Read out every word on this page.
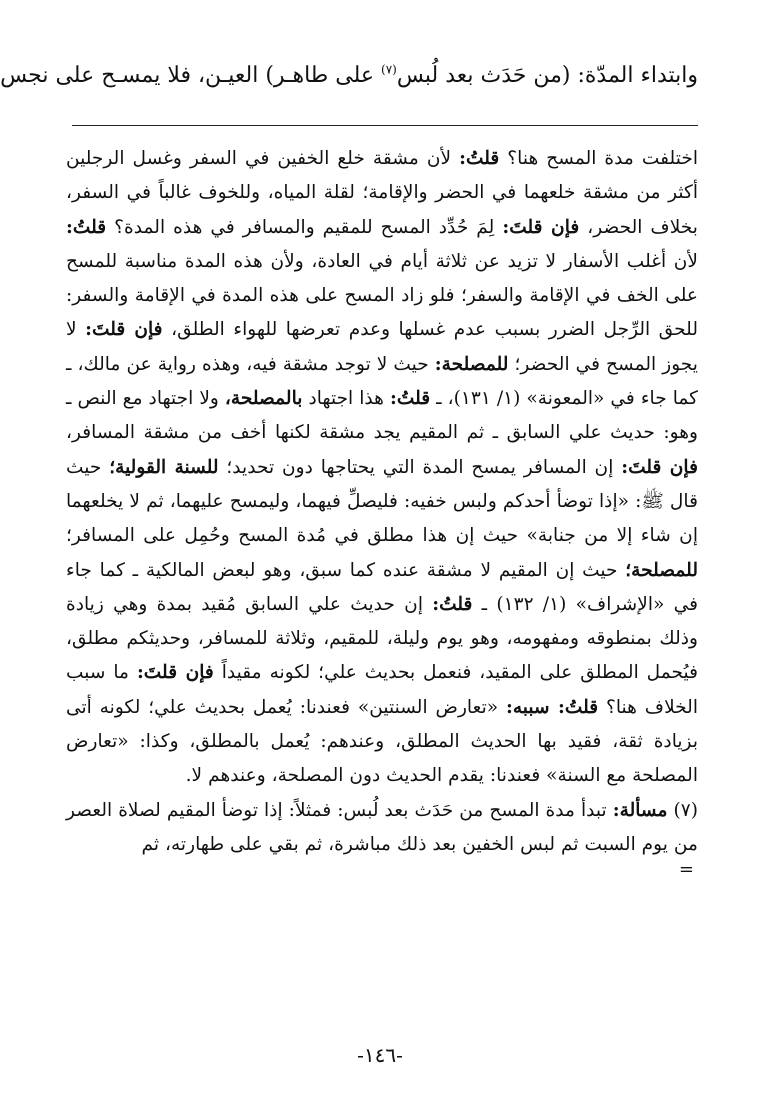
وابتداء المدّة: (من حَدَث بعد لُبس$^{(٧)}$ على طاهـر) العيـن، فلا يمسـح على نجس

اختلفت مدة المسح هنا؟ قلتُ: لأن مشقة خلع الخفين في السفر وغسل الرجلين أكثر من مشقة خلعهما في الحضر والإقامة؛ لقلة المياه، وللخوف غالباً في السفر، بخلاف الحضر، فإن قلتَ: لِمَ حُدِّد المسح للمقيم والمسافر في هذه المدة؟ قلتُ: لأن أغلب الأسفار لا تزيد عن ثلاثة أيام في العادة، ولأن هذه المدة مناسبة للمسح على الخف في الإقامة والسفر؛ فلو زاد المسح على هذه المدة في الإقامة والسفر: للحق الرِّجل الضرر بسبب عدم غسلها وعدم تعرضها للهواء الطلق، فإن قلتَ: لا يجوز المسح في الحضر؛ للمصلحة: حيث لا توجد مشقة فيه، وهذه رواية عن مالك، ـ كما جاء في «المعونة» (١/ ١٣١)، ـ قلتُ: هذا اجتهاد بالمصلحة، ولا اجتهاد مع النص ـ وهو: حديث علي السابق ـ ثم المقيم يجد مشقة لكنها أخف من مشقة المسافر، فإن قلتَ: إن المسافر يمسح المدة التي يحتاجها دون تحديد؛ للسنة القولية؛ حيث قال ﷺ: «إذا توضأ أحدكم ولبس خفيه: فليصلِّ فيهما، وليمسح عليهما، ثم لا يخلعهما إن شاء إلا من جنابة» حيث إن هذا مطلق في مُدة المسح وحُمِل على المسافر؛ للمصلحة؛ حيث إن المقيم لا مشقة عنده كما سبق، وهو لبعض المالكية ـ كما جاء في «الإشراف» (١/ ١٣٢) ـ قلتُ: إن حديث علي السابق مُقيد بمدة وهي زيادة وذلك بمنطوقه ومفهومه، وهو يوم وليلة، للمقيم، وثلاثة للمسافر، وحديثكم مطلق، فيُحمل المطلق على المقيد، فنعمل بحديث علي؛ لكونه مقيداً فإن قلتَ: ما سبب الخلاف هنا؟ قلتُ: سببه: «تعارض السنتين» فعندنا: يُعمل بحديث علي؛ لكونه أتى بزيادة ثقة، فقيد بها الحديث المطلق، وعندهم: يُعمل بالمطلق، وكذا: «تعارض المصلحة مع السنة» فعندنا: يقدم الحديث دون المصلحة، وعندهم لا.

(٧) مسألة: تبدأ مدة المسح من حَدَث بعد لُبس: فمثلاً: إذا توضأ المقيم لصلاة العصر من يوم السبت ثم لبس الخفين بعد ذلك مباشرة، ثم بقي على طهارته، ثم

=
-١٤٦-
